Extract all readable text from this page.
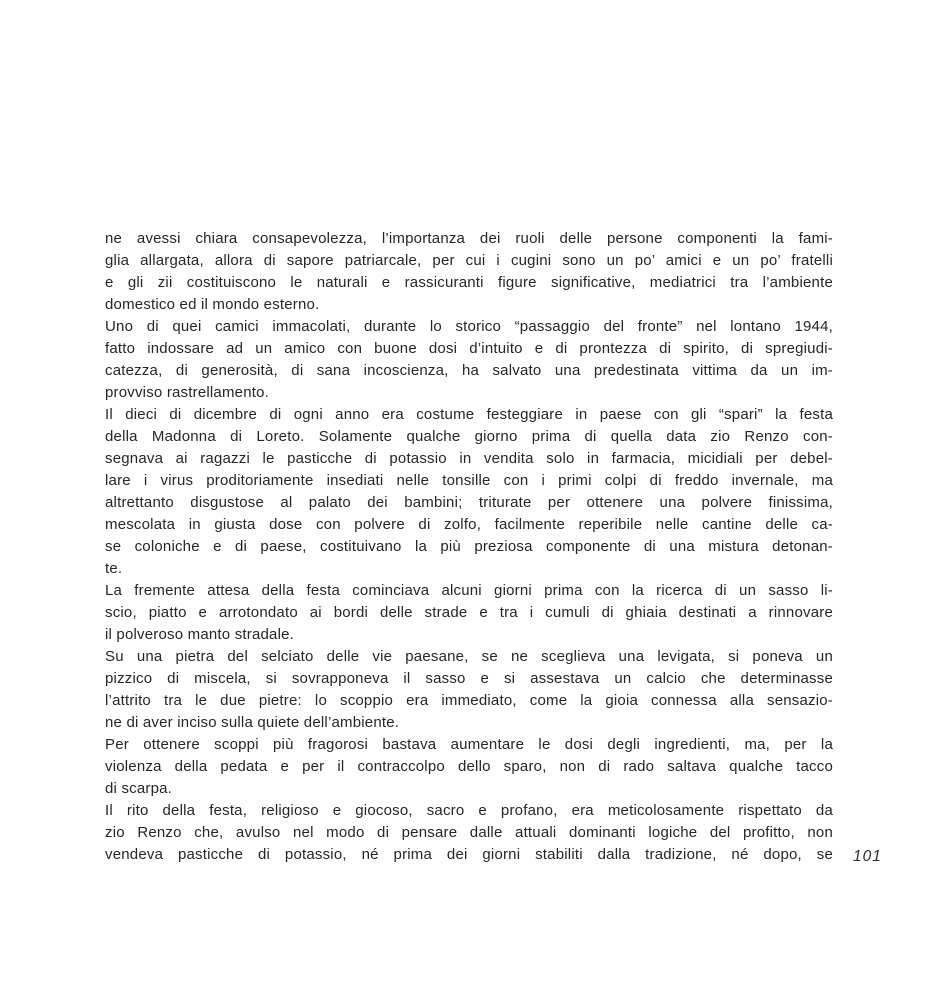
ne avessi chiara consapevolezza, l’importanza dei ruoli delle persone componenti la fami-
glia allargata, allora di sapore patriarcale, per cui i cugini sono un po’ amici e un po’ fratelli
e gli zii costituiscono le naturali e rassicuranti figure significative, mediatrici tra l’ambiente
domestico ed il mondo esterno.
Uno di quei camici immacolati, durante lo storico “passaggio del fronte” nel lontano 1944,
fatto indossare ad un amico con buone dosi d’intuito e di prontezza di spirito, di spregiudi-
catezza, di generosità, di sana incoscienza, ha salvato una predestinata vittima da un im-
provviso rastrellamento.
Il dieci di dicembre di ogni anno era costume festeggiare in paese con gli “spari” la festa
della Madonna di Loreto. Solamente qualche giorno prima di quella data zio Renzo con-
segnava ai ragazzi le pasticche di potassio in vendita solo in farmacia, micidiali per debel-
lare i virus proditoriamente insediati nelle tonsille con i primi colpi di freddo invernale, ma
altrettanto disgustose al palato dei bambini; triturate per ottenere una polvere finissima,
mescolata in giusta dose con polvere di zolfo, facilmente reperibile nelle cantine delle ca-
se coloniche e di paese, costituivano la più preziosa componente di una mistura detonan-
te.
La fremente attesa della festa cominciava alcuni giorni prima con la ricerca di un sasso li-
scio, piatto e arrotondato ai bordi delle strade e tra i cumuli di ghiaia destinati a rinnovare
il polveroso manto stradale.
Su una pietra del selciato delle vie paesane, se ne sceglieva una levigata, si poneva un
pizzico di miscela, si sovrapponeva il sasso e si assestava un calcio che determinasse
l’attrito tra le due pietre: lo scoppio era immediato, come la gioia connessa alla sensazio-
ne di aver inciso sulla quiete dell’ambiente.
Per ottenere scoppi più fragorosi bastava aumentare le dosi degli ingredienti, ma, per la
violenza della pedata e per il contraccolpo dello sparo, non di rado saltava qualche tacco
di scarpa.
Il rito della festa, religioso e giocoso, sacro e profano, era meticolosamente rispettato da
zio Renzo che, avulso nel modo di pensare dalle attuali dominanti logiche del profitto, non
vendeva pasticche di potassio, né prima dei giorni stabiliti dalla tradizione, né dopo, se 101
